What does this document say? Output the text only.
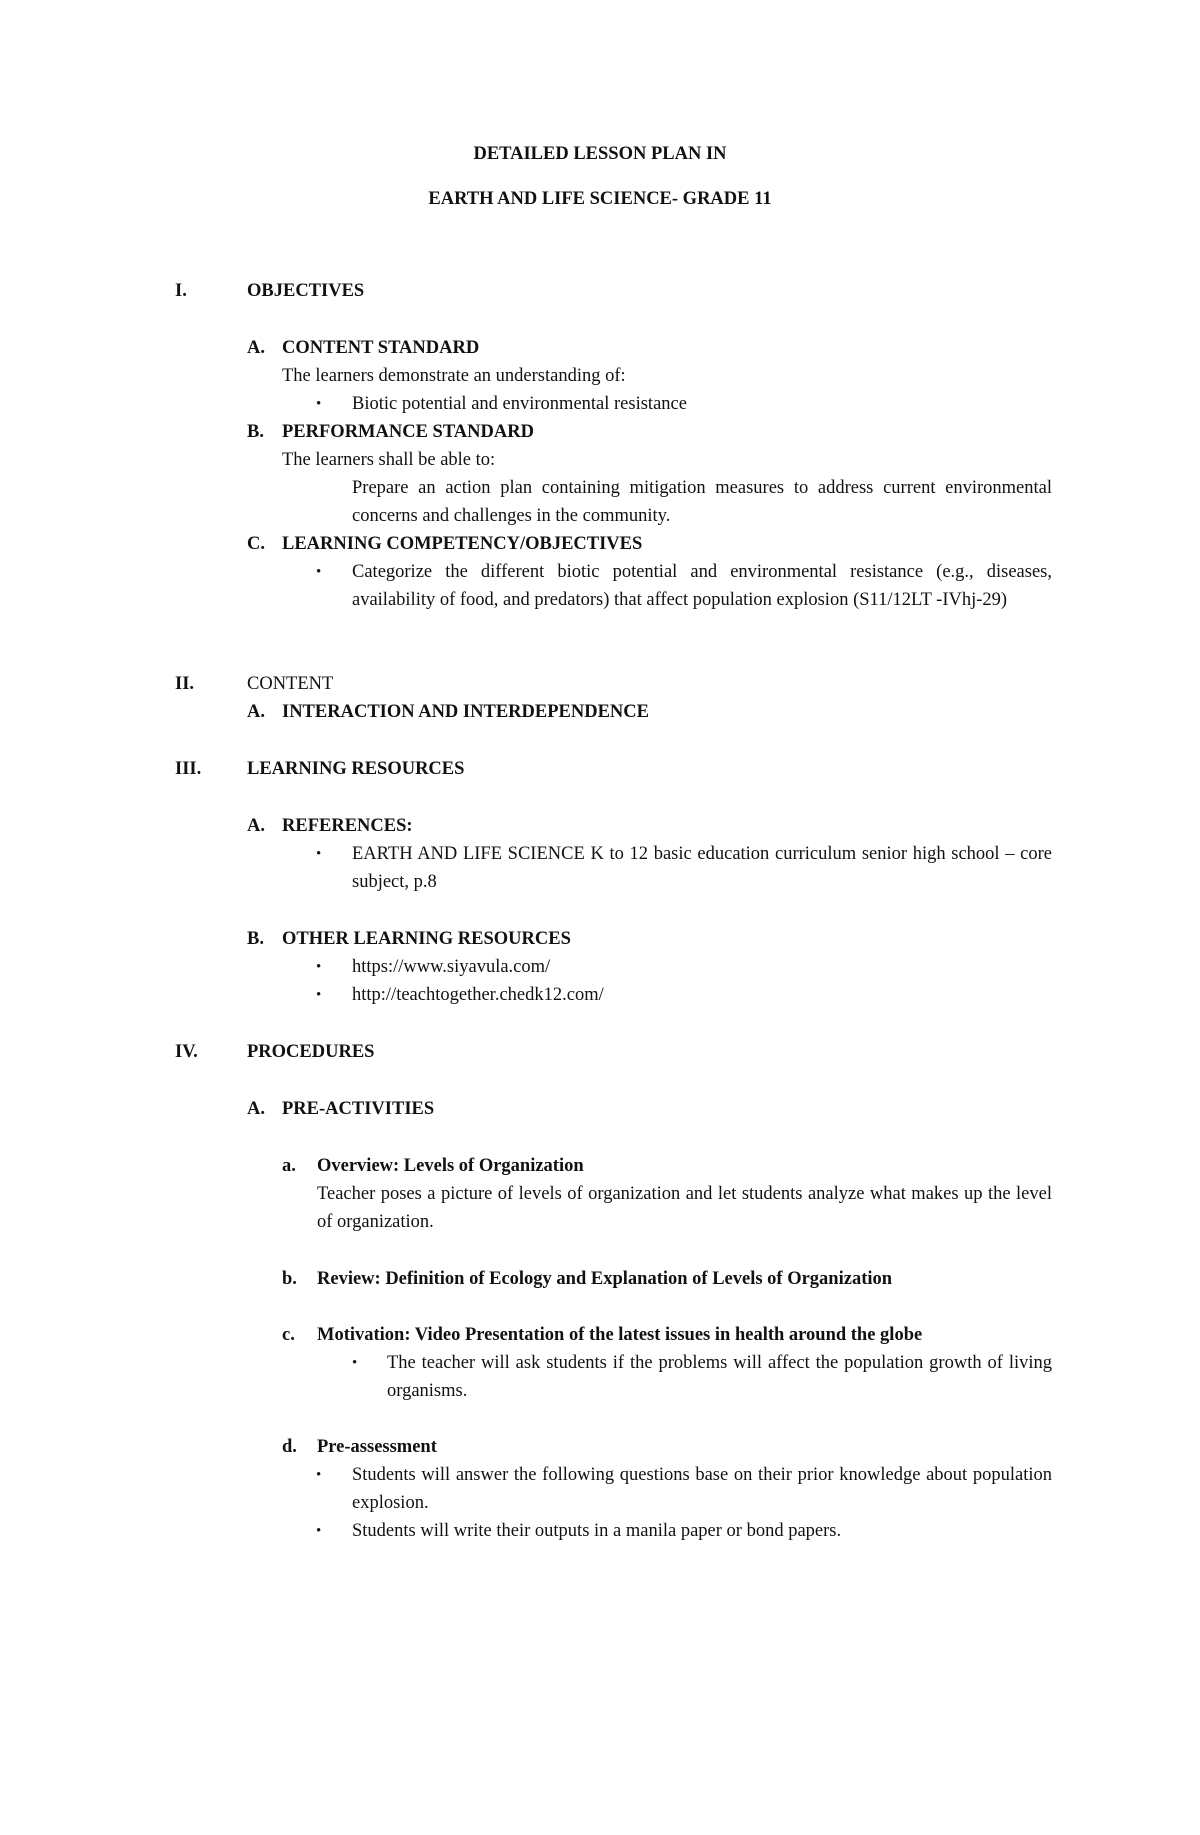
DETAILED LESSON PLAN IN
EARTH AND LIFE SCIENCE- GRADE 11
I.	OBJECTIVES
A. CONTENT STANDARD
The learners demonstrate an understanding of:
• Biotic potential and environmental resistance
B. PERFORMANCE STANDARD
The learners shall be able to:
Prepare an action plan containing mitigation measures to address current environmental concerns and challenges in the community.
C. LEARNING COMPETENCY/OBJECTIVES
• Categorize the different biotic potential and environmental resistance (e.g., diseases, availability of food, and predators) that affect population explosion (S11/12LT -IVhj-29)
II.	CONTENT
A. INTERACTION AND INTERDEPENDENCE
III. LEARNING RESOURCES
A. REFERENCES:
• EARTH AND LIFE SCIENCE K to 12 basic education curriculum senior high school – core subject, p.8
B. OTHER LEARNING RESOURCES
• https://www.siyavula.com/
• http://teachtogether.chedk12.com/
IV.	PROCEDURES
A. PRE-ACTIVITIES
a. Overview: Levels of Organization
Teacher poses a picture of levels of organization and let students analyze what makes up the level of organization.
b. Review: Definition of Ecology and Explanation of Levels of Organization
c. Motivation: Video Presentation of the latest issues in health around the globe
• The teacher will ask students if the problems will affect the population growth of living organisms.
d. Pre-assessment
• Students will answer the following questions base on their prior knowledge about population explosion.
• Students will write their outputs in a manila paper or bond papers.
